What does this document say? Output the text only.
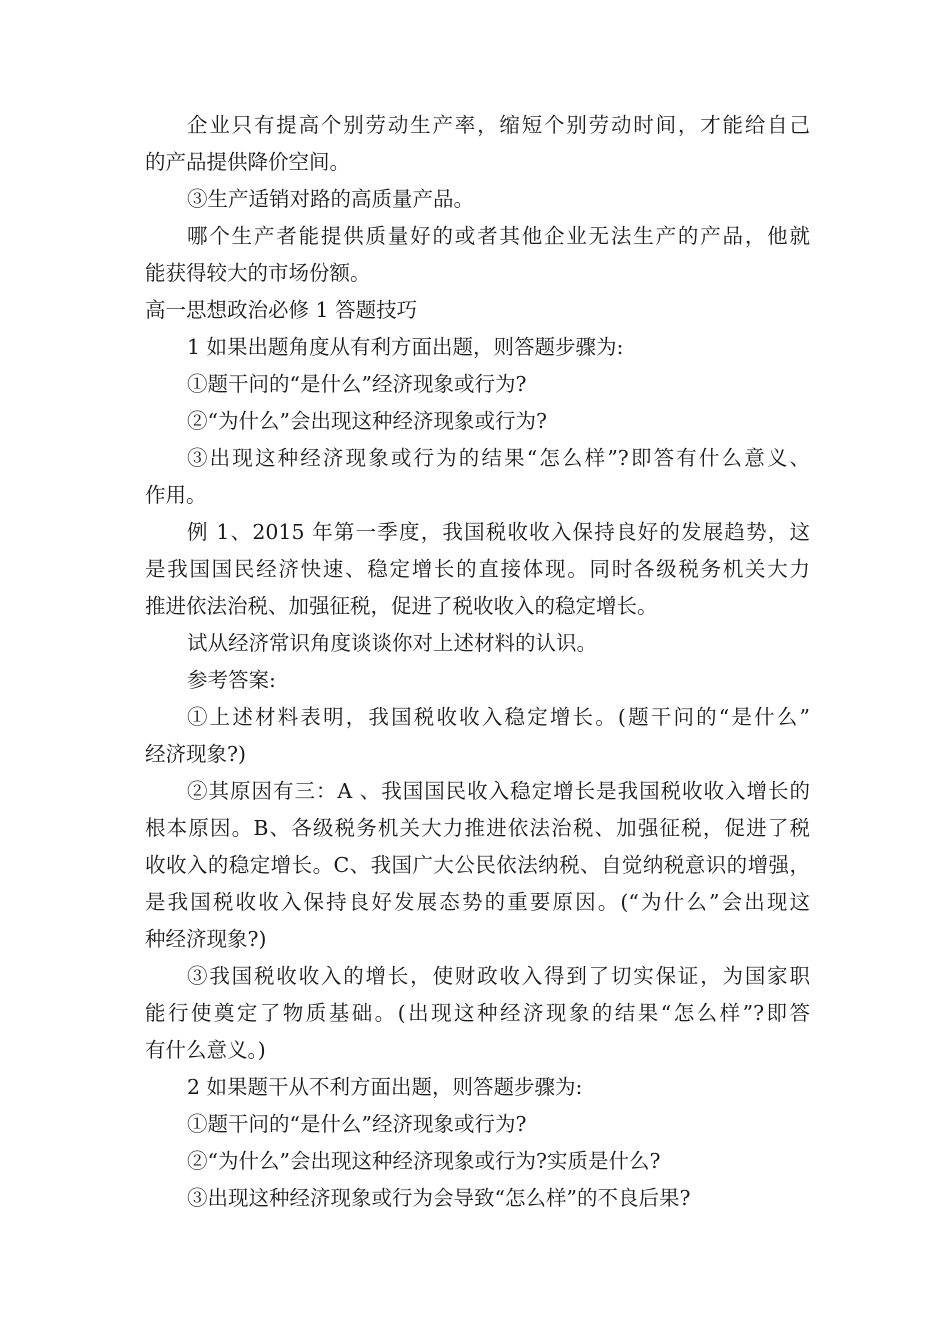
企业只有提高个别劳动生产率，缩短个别劳动时间，才能给自己
的产品提供降价空间。
③生产适销对路的高质量产品。
哪个生产者能提供质量好的或者其他企业无法生产的产品，他就
能获得较大的市场份额。
高一思想政治必修 1 答题技巧
1 如果出题角度从有利方面出题，则答题步骤为:
①题干问的“是什么”经济现象或行为?
②“为什么”会出现这种经济现象或行为?
③出现这种经济现象或行为的结果“怎么样”?即答有什么意义、
作用。
例 1、2015 年第一季度，我国税收收入保持良好的发展趋势，这
是我国国民经济快速、稳定增长的直接体现。同时各级税务机关大力
推进依法治税、加强征税，促进了税收收入的稳定增长。
试从经济常识角度谈谈你对上述材料的认识。
参考答案:
①上述材料表明，我国税收收入稳定增长。(题干问的“是什么”
经济现象?)
②其原因有三：A 、我国国民收入稳定增长是我国税收收入增长的
根本原因。B、各级税务机关大力推进依法治税、加强征税，促进了税
收收入的稳定增长。C、我国广大公民依法纳税、自觉纳税意识的增强，
是我国税收收入保持良好发展态势的重要原因。(“为什么”会出现这
种经济现象?)
③我国税收收入的增长，使财政收入得到了切实保证，为国家职
能行使奠定了物质基础。(出现这种经济现象的结果“怎么样”?即答
有什么意义。)
2 如果题干从不利方面出题，则答题步骤为:
①题干问的“是什么”经济现象或行为?
②“为什么”会出现这种经济现象或行为?实质是什么?
③出现这种经济现象或行为会导致“怎么样”的不良后果?
